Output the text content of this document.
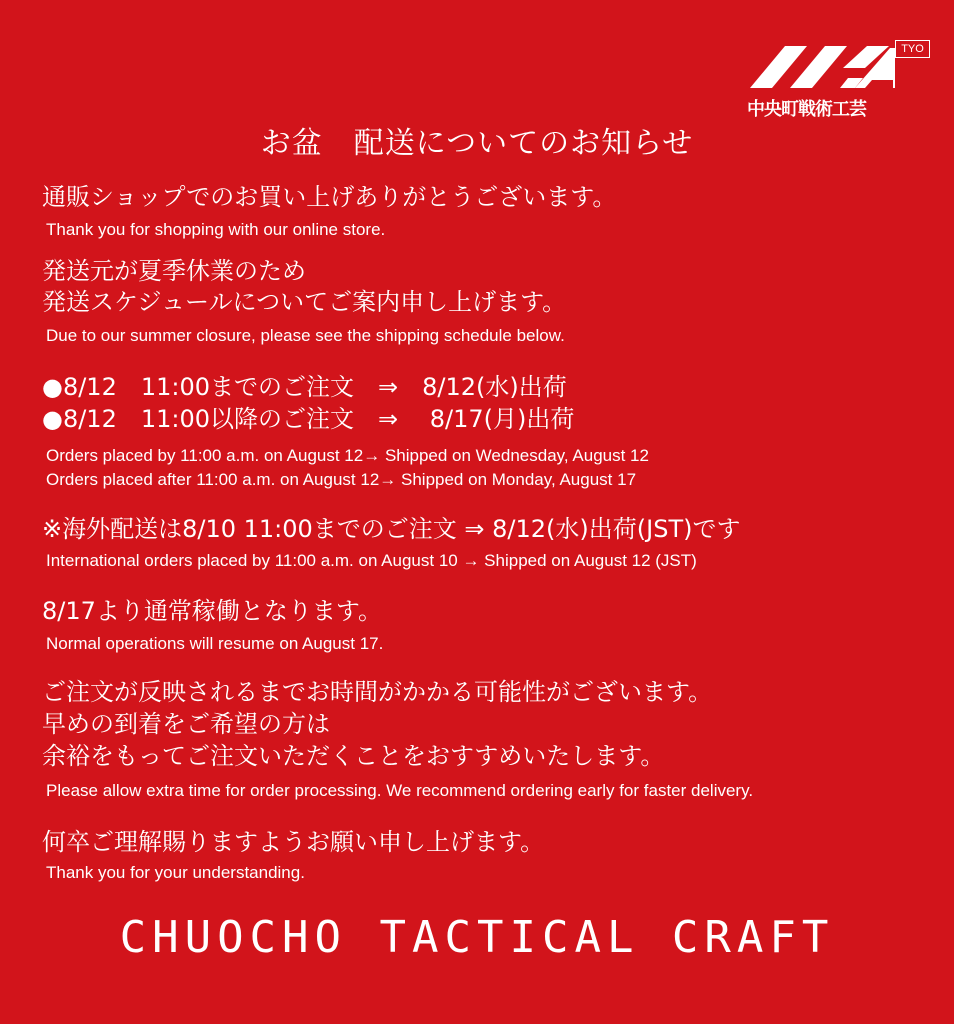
TYO
中央町戦術工芸
お盆　配送についてのお知らせ
通販ショップでのお買い上げありがとうございます。
Thank you for shopping with our online store.
発送元が夏季休業のため
発送スケジュールについてご案内申し上げます。
Due to our summer closure, please see the shipping schedule below.
●8/12　11:00までのご注文　⇒　8/12(水)出荷
●8/12　11:00以降のご注文　⇒　 8/17(月)出荷
Orders placed by 11:00 a.m. on August 12→ Shipped on Wednesday, August 12
Orders placed after 11:00 a.m. on August 12→ Shipped on Monday, August 17
※海外配送は8/10 11:00までのご注文 ⇒ 8/12(水)出荷(JST)です
International orders placed by 11:00 a.m. on August 10 → Shipped on August 12 (JST)
8/17より通常稼働となります。
Normal operations will resume on August 17.
ご注文が反映されるまでお時間がかかる可能性がございます。
早めの到着をご希望の方は
余裕をもってご注文いただくことをおすすめいたします。
Please allow extra time for order processing. We recommend ordering early for faster delivery.
何卒ご理解賜りますようお願い申し上げます。
Thank you for your understanding.
CHUOCHO TACTICAL CRAFT
